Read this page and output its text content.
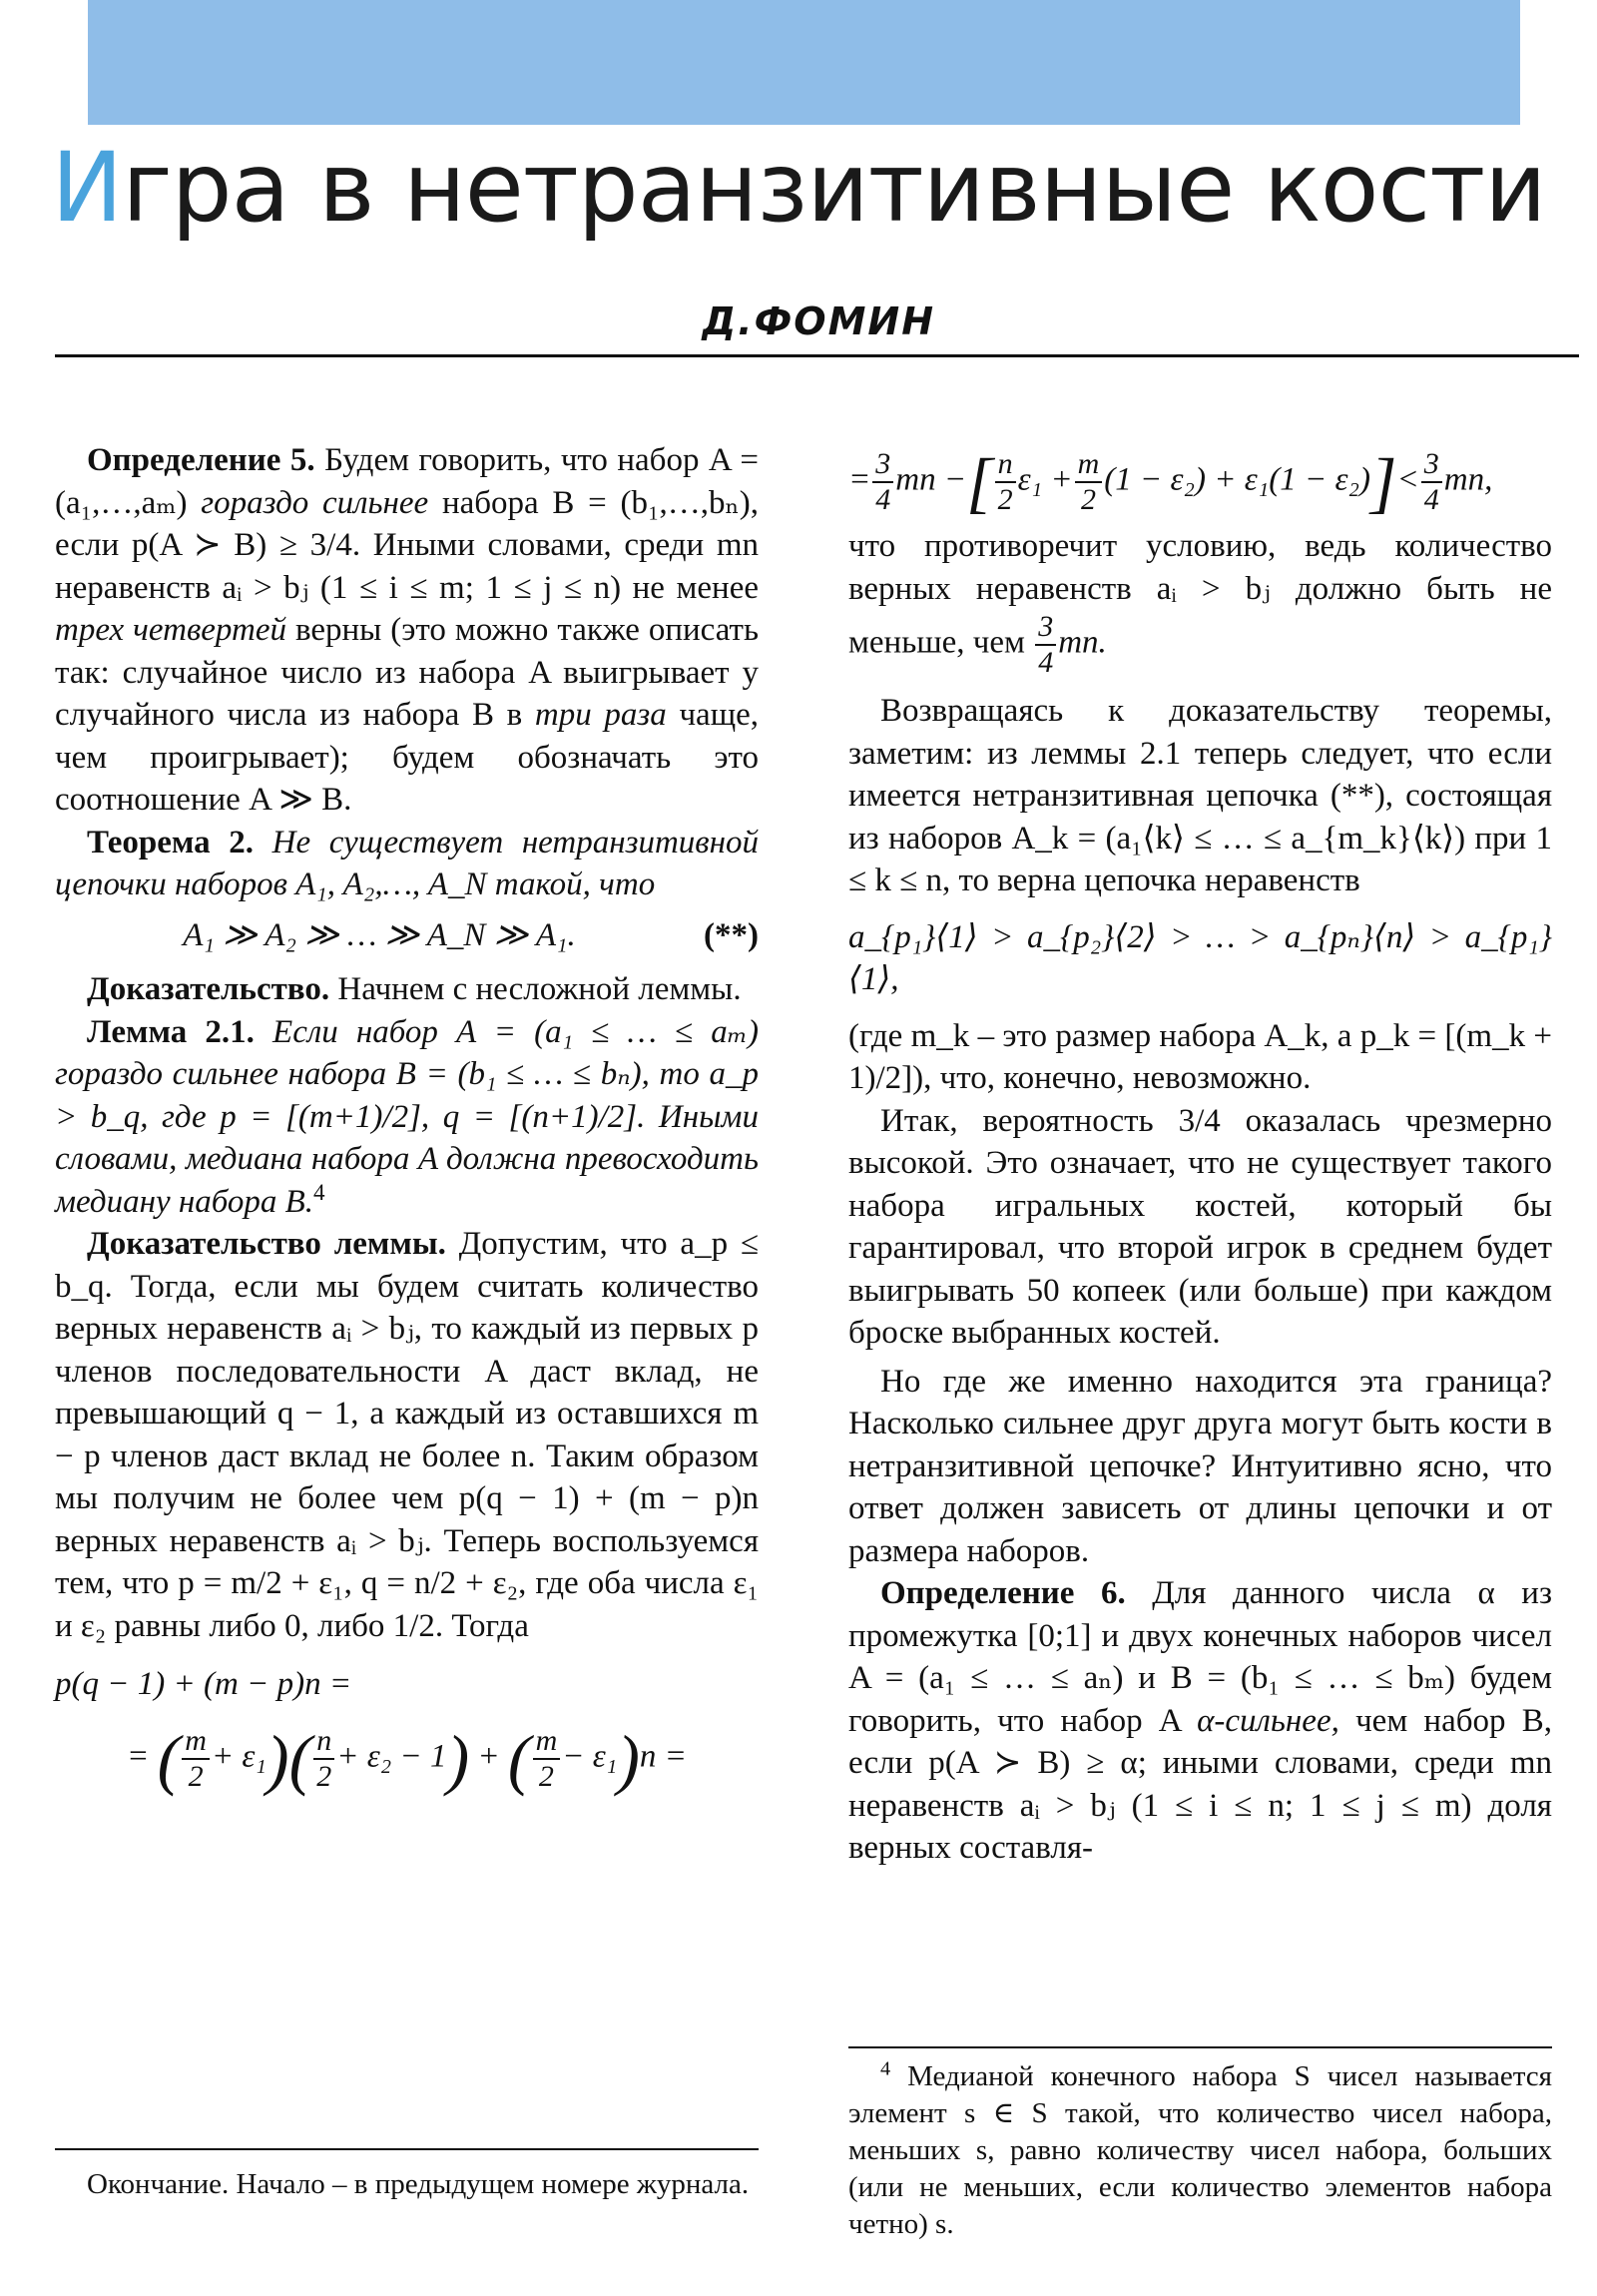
Игра в нетранзитивные кости
Д.ФОМИН

Определение 5. Будем говорить, что набор A = (a₁,…,aₘ) гораздо сильнее набора B = (b₁,…,bₙ), если p(A ≻ B) ≥ 3/4. Иными словами, среди mn неравенств aᵢ > bⱼ (1 ≤ i ≤ m; 1 ≤ j ≤ n) не менее трех четвертей верны (это можно также описать так: случайное число из набора A выигрывает у случайного числа из набора B в три раза чаще, чем проигрывает); будем обозначать это соотношение A ≫ B.

Теорема 2. Не существует нетранзитивной цепочки наборов A₁, A₂,…, A_N такой, что

A₁ ≫ A₂ ≫ … ≫ A_N ≫ A₁.	(**)

Доказательство. Начнем с несложной леммы.

Лемма 2.1. Если набор A = (a₁ ≤ … ≤ aₘ) гораздо сильнее набора B = (b₁ ≤ … ≤ bₙ), то a_p > b_q, где p = [(m+1)/2], q = [(n+1)/2]. Иными словами, медиана набора A должна превосходить медиану набора B.$^4$

Доказательство леммы. Допустим, что a_p ≤ b_q. Тогда, если мы будем считать количество верных неравенств aᵢ > bⱼ, то каждый из первых p членов последовательности A даст вклад, не превышающий q − 1, а каждый из оставшихся m − p членов даст вклад не более n. Таким образом мы получим не более чем p(q − 1) + (m − p)n верных неравенств aᵢ > bⱼ. Теперь воспользуемся тем, что p = m/2 + ε₁, q = n/2 + ε₂, где оба числа ε₁ и ε₂ равны либо 0, либо 1/2. Тогда

p(q − 1) + (m − p)n =

= ( $\frac{m}{2} + \varepsilon_1)( \frac{n}{2} + \varepsilon_2 - 1)$ + ( $\frac{m}{2} - \varepsilon_1)n$ =
Окончание. Начало – в предыдущем номере журнала.
= $\frac{3}{4}$ mn −[ $\frac{n}{2} \varepsilon_1 + \frac{m}{2} (1 - \varepsilon_2) + \varepsilon_1(1 - \varepsilon_2)]< \frac{3}{4}$ mn,

что противоречит условию, ведь количество верных неравенств aᵢ > bⱼ должно быть не меньше, чем $\frac{3}{4}$ mn.

Возвращаясь к доказательству теоремы, заметим: из леммы 2.1 теперь следует, что если имеется нетранзитивная цепочка (**), состоящая из наборов A_k = (a₁⟨k⟩ ≤ … ≤ a_{m_k}⟨k⟩) при 1 ≤ k ≤ n, то верна цепочка неравенств

a_{p₁}⟨1⟩ > a_{p₂}⟨2⟩ > … > a_{pₙ}⟨n⟩ > a_{p₁}⟨1⟩,

(где m_k – это размер набора A_k, а p_k = [(m_k + 1)/2]), что, конечно, невозможно.

Итак, вероятность 3/4 оказалась чрезмерно высокой. Это означает, что не существует такого набора игральных костей, который бы гарантировал, что второй игрок в среднем будет выигрывать 50 копеек (или больше) при каждом броске выбранных костей.

Но где же именно находится эта граница? Насколько сильнее друг друга могут быть кости в нетранзитивной цепочке? Интуитивно ясно, что ответ должен зависеть от длины цепочки и от размера наборов.

Определение 6. Для данного числа α из промежутка [0;1] и двух конечных наборов чисел A = (a₁ ≤ … ≤ aₙ) и B = (b₁ ≤ … ≤ bₘ) будем говорить, что набор A α-сильнее, чем набор B, если p(A ≻ B) ≥ α; иными словами, среди mn неравенств aᵢ > bⱼ (1 ≤ i ≤ n; 1 ≤ j ≤ m) доля верных составля-

$^4$ Медианой конечного набора S чисел называется элемент s ∈ S такой, что количество чисел набора, меньших s, равно количеству чисел набора, больших (или не меньших, если количество элементов набора четно) s.
